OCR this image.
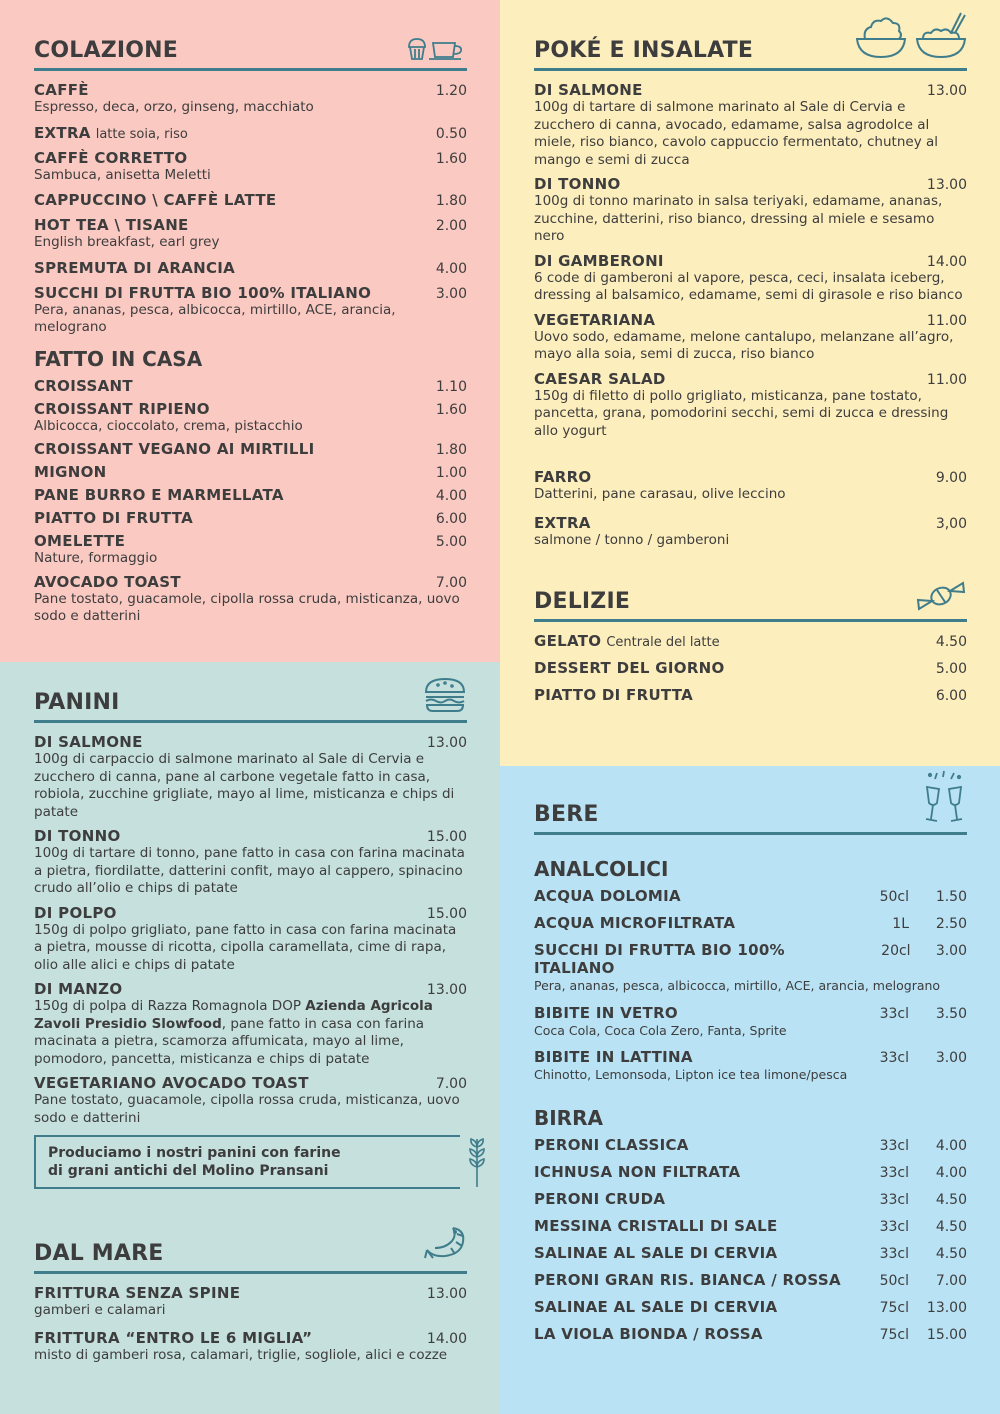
COLAZIONE
CAFFÈ	1.20
Espresso, deca, orzo, ginseng, macchiato
EXTRA latte soia, riso	0.50
CAFFÈ CORRETTO	1.60
Sambuca, anisetta Meletti
CAPPUCCINO \ CAFFÈ LATTE	1.80
HOT TEA \ TISANE	2.00
English breakfast, earl grey
SPREMUTA DI ARANCIA	4.00
SUCCHI DI FRUTTA BIO 100% ITALIANO	3.00
Pera, ananas, pesca, albicocca, mirtillo, ACE, arancia, melograno
FATTO IN CASA
CROISSANT	1.10
CROISSANT RIPIENO	1.60
Albicocca, cioccolato, crema, pistacchio
CROISSANT VEGANO AI MIRTILLI	1.80
MIGNON	1.00
PANE BURRO E MARMELLATA	4.00
PIATTO DI FRUTTA	6.00
OMELETTE	5.00
Nature, formaggio
AVOCADO TOAST	7.00
Pane tostato, guacamole, cipolla rossa cruda, misticanza, uovo sodo e datterini
PANINI
DI SALMONE	13.00
100g di carpaccio di salmone marinato al Sale di Cervia e zucchero di canna, pane al carbone vegetale fatto in casa, robiola, zucchine grigliate, mayo al lime, misticanza e chips di patate
DI TONNO	15.00
100g di tartare di tonno, pane fatto in casa con farina macinata a pietra, fiordilatte, datterini confit, mayo al cappero, spinacino crudo all’olio e chips di patate
DI POLPO	15.00
150g di polpo grigliato, pane fatto in casa con farina macinata a pietra, mousse di ricotta, cipolla caramellata, cime di rapa, olio alle alici e chips di patate
DI MANZO	13.00
150g di polpa di Razza Romagnola DOP Azienda Agricola Zavoli Presidio Slowfood, pane fatto in casa con farina macinata a pietra, scamorza affumicata, mayo al lime, pomodoro, pancetta, misticanza e chips di patate
VEGETARIANO AVOCADO TOAST	7.00
Pane tostato, guacamole, cipolla rossa cruda, misticanza, uovo sodo e datterini
Produciamo i nostri panini con farine
di grani antichi del Molino Pransani
DAL MARE
FRITTURA SENZA SPINE	13.00
gamberi e calamari
FRITTURA “ENTRO LE 6 MIGLIA”	14.00
misto di gamberi rosa, calamari, triglie, sogliole, alici e cozze
POKÉ E INSALATE
DI SALMONE	13.00
100g di tartare di salmone marinato al Sale di Cervia e zucchero di canna, avocado, edamame, salsa agrodolce al miele, riso bianco, cavolo cappuccio fermentato, chutney al mango e semi di zucca
DI TONNO	13.00
100g di tonno marinato in salsa teriyaki, edamame, ananas, zucchine, datterini, riso bianco, dressing al miele e sesamo nero
DI GAMBERONI	14.00
6 code di gamberoni al vapore, pesca, ceci, insalata iceberg, dressing al balsamico, edamame, semi di girasole e riso bianco
VEGETARIANA	11.00
Uovo sodo, edamame, melone cantalupo, melanzane all’agro, mayo alla soia, semi di zucca, riso bianco
CAESAR SALAD	11.00
150g di filetto di pollo grigliato, misticanza, pane tostato, pancetta, grana, pomodorini secchi, semi di zucca e dressing allo yogurt
FARRO	9.00
Datterini, pane carasau, olive leccino
EXTRA	3,00
salmone / tonno / gamberoni
DELIZIE
GELATO Centrale del latte	4.50
DESSERT DEL GIORNO	5.00
PIATTO DI FRUTTA	6.00
BERE
ANALCOLICI
ACQUA DOLOMIA	50cl	1.50
ACQUA MICROFILTRATA	1L	2.50
SUCCHI DI FRUTTA BIO 100% ITALIANO
20cl	3.00
Pera, ananas, pesca, albicocca, mirtillo, ACE, arancia, melograno
BIBITE IN VETRO	33cl	3.50
Coca Cola, Coca Cola Zero, Fanta, Sprite
BIBITE IN LATTINA	33cl	3.00
Chinotto, Lemonsoda, Lipton ice tea limone/pesca
BIRRA
PERONI CLASSICA	33cl	4.00
ICHNUSA NON FILTRATA	33cl	4.00
PERONI CRUDA	33cl	4.50
MESSINA CRISTALLI DI SALE	33cl	4.50
SALINAE AL SALE DI CERVIA	33cl	4.50
PERONI GRAN RIS. BIANCA / ROSSA	50cl	7.00
SALINAE AL SALE DI CERVIA	75cl	13.00
LA VIOLA BIONDA / ROSSA	75cl	15.00
